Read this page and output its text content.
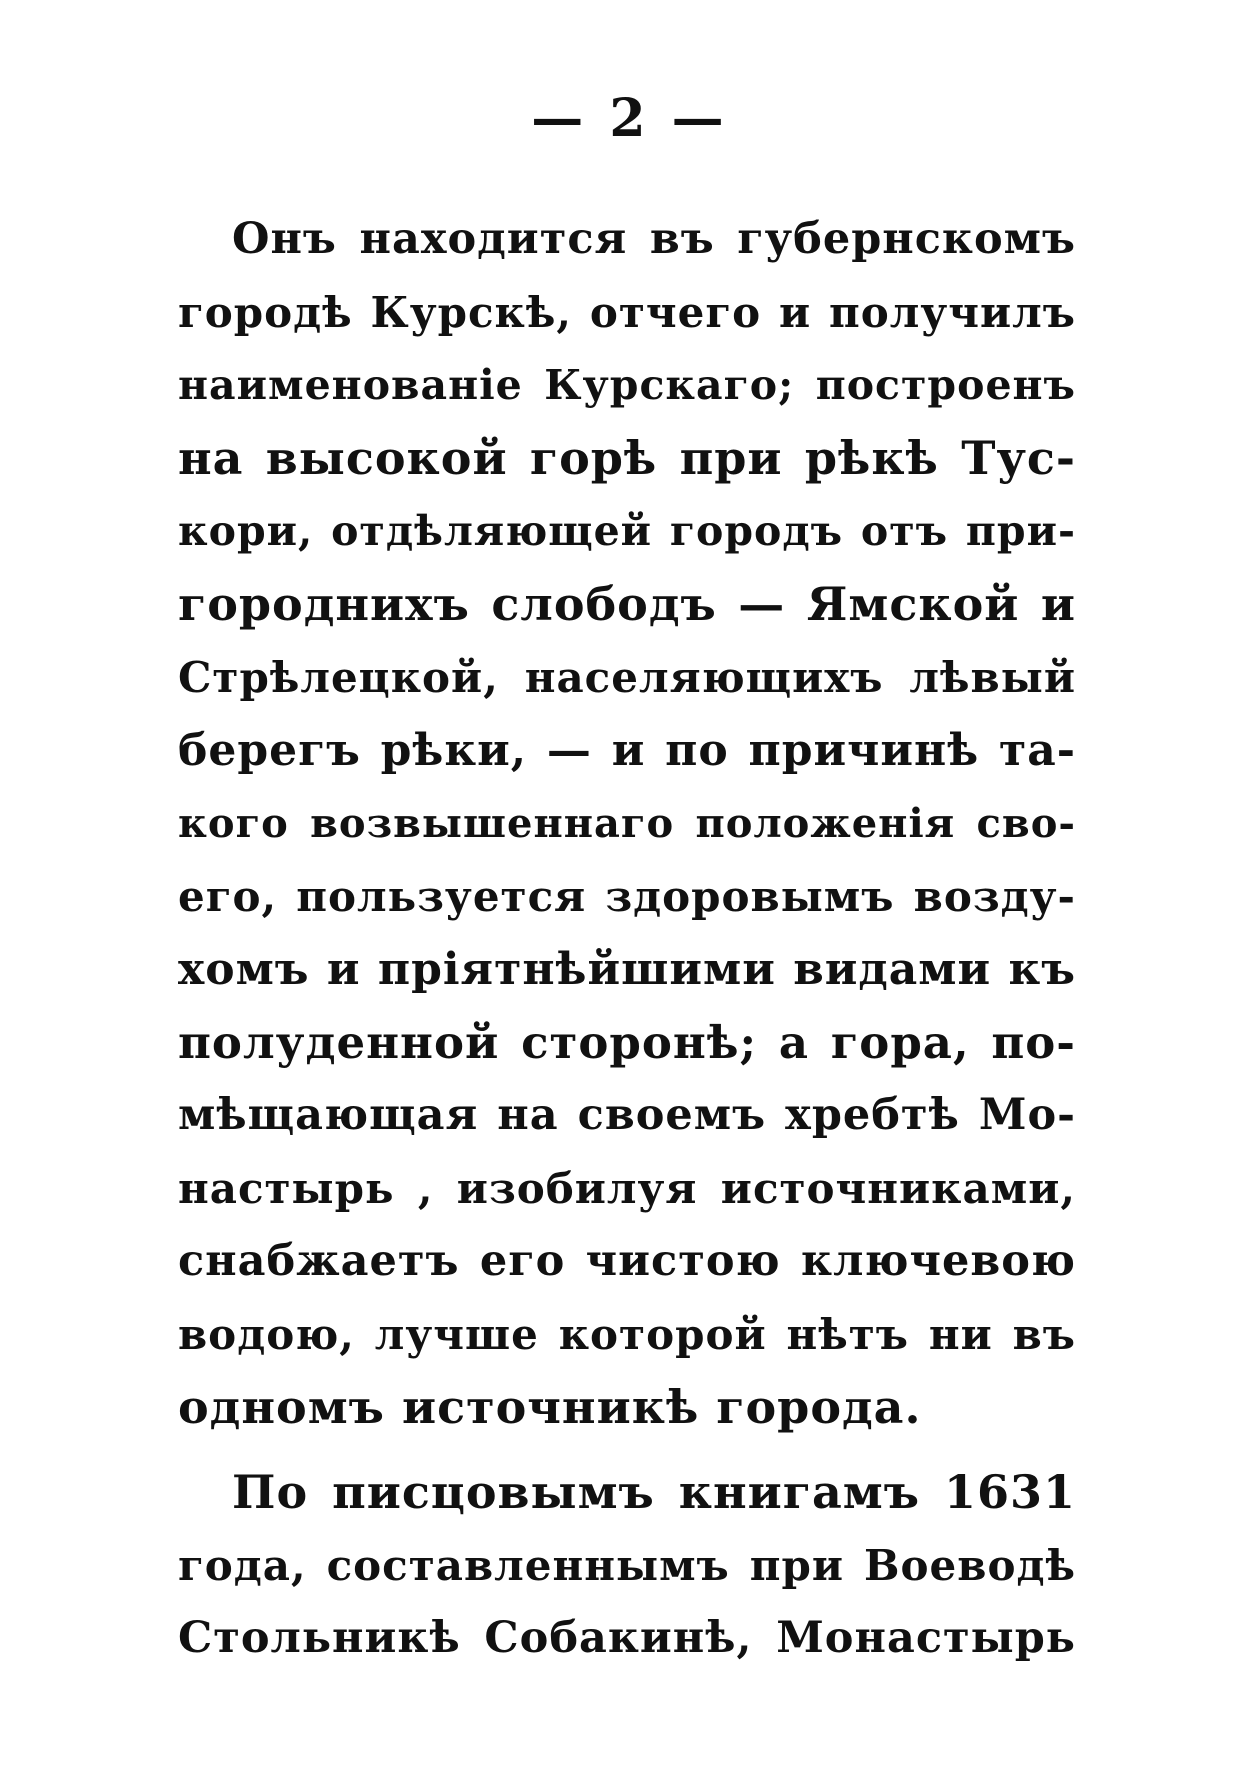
— 2 —
Онъ находится въ губернскомъ
городѣ Курскѣ, отчего и получилъ
наименованіе Курскаго; построенъ
на высокой горѣ при рѣкѣ Тус-
кори, отдѣляющей городъ отъ при-
городнихъ слободъ — Ямской и
Стрѣлецкой, населяющихъ лѣвый
берегъ рѣки, — и по причинѣ та-
кого возвышеннаго положенія сво-
его, пользуется здоровымъ возду-
хомъ и пріятнѣйшими видами къ
полуденной сторонѣ; а гора, по-
мѣщающая на своемъ хребтѣ Мо-
настырь , изобилуя источниками,
снабжаетъ его чистою ключевою
водою, лучше которой нѣтъ ни въ
одномъ источникѣ города.
По писцовымъ книгамъ 1631
года, составленнымъ при Воеводѣ
Стольникѣ Собакинѣ, Монастырь
